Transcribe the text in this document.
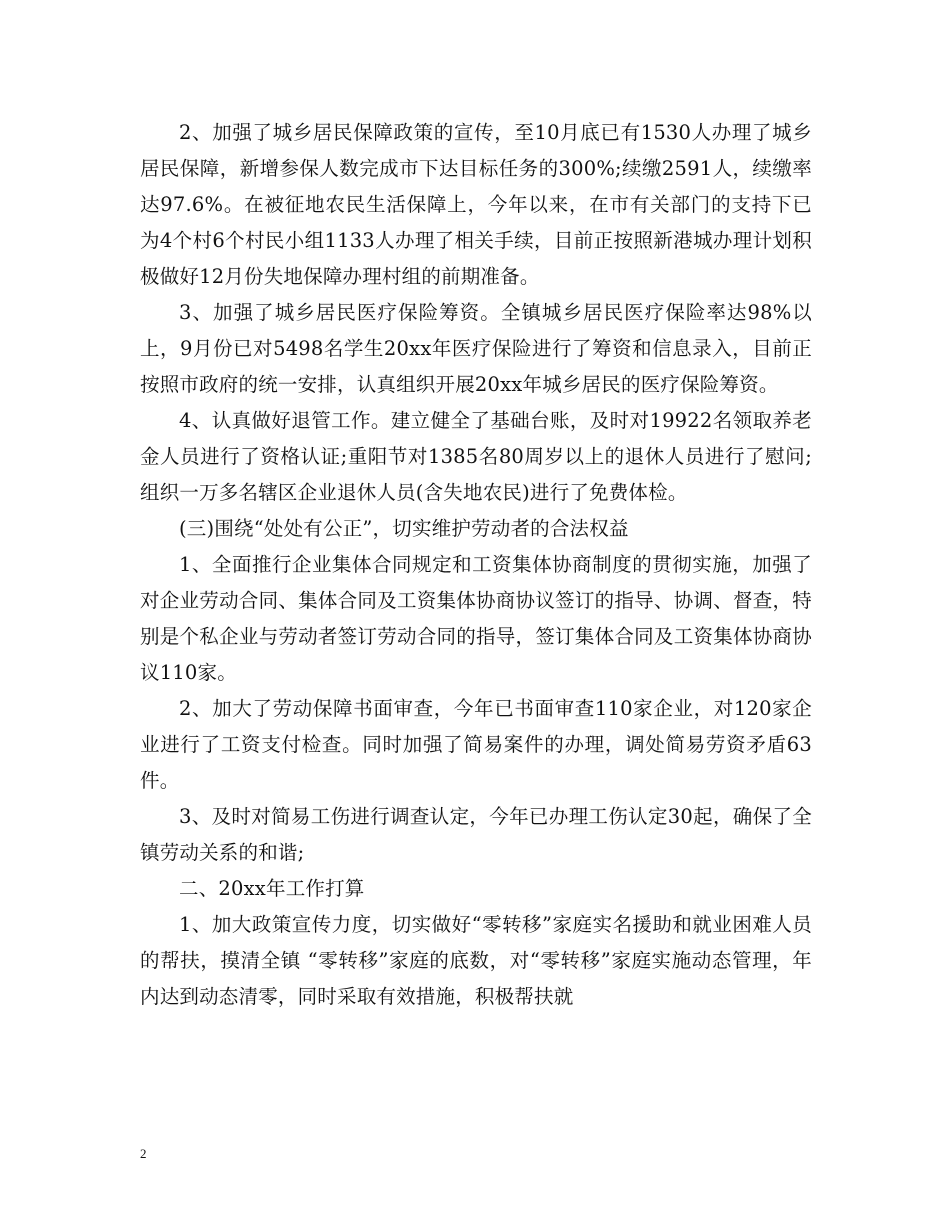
2、加强了城乡居民保障政策的宣传，至10月底已有1530人办理了城乡居民保障，新增参保人数完成市下达目标任务的300%;续缴2591人，续缴率达97.6%。在被征地农民生活保障上，今年以来，在市有关部门的支持下已为4个村6个村民小组1133人办理了相关手续，目前正按照新港城办理计划积极做好12月份失地保障办理村组的前期准备。

3、加强了城乡居民医疗保险筹资。全镇城乡居民医疗保险率达98%以上，9月份已对5498名学生20xx年医疗保险进行了筹资和信息录入，目前正按照市政府的统一安排，认真组织开展20xx年城乡居民的医疗保险筹资。

4、认真做好退管工作。建立健全了基础台账，及时对19922名领取养老金人员进行了资格认证;重阳节对1385名80周岁以上的退休人员进行了慰问;组织一万多名辖区企业退休人员(含失地农民)进行了免费体检。

(三)围绕“处处有公正”，切实维护劳动者的合法权益

1、全面推行企业集体合同规定和工资集体协商制度的贯彻实施，加强了对企业劳动合同、集体合同及工资集体协商协议签订的指导、协调、督查，特别是个私企业与劳动者签订劳动合同的指导，签订集体合同及工资集体协商协议110家。

2、加大了劳动保障书面审查，今年已书面审查110家企业，对120家企业进行了工资支付检查。同时加强了简易案件的办理，调处简易劳资矛盾63件。

3、及时对简易工伤进行调查认定，今年已办理工伤认定30起，确保了全镇劳动关系的和谐;

二、20xx年工作打算

1、加大政策宣传力度，切实做好“零转移”家庭实名援助和就业困难人员的帮扶，摸清全镇 “零转移”家庭的底数，对“零转移”家庭实施动态管理，年内达到动态清零，同时采取有效措施，积极帮扶就

2
